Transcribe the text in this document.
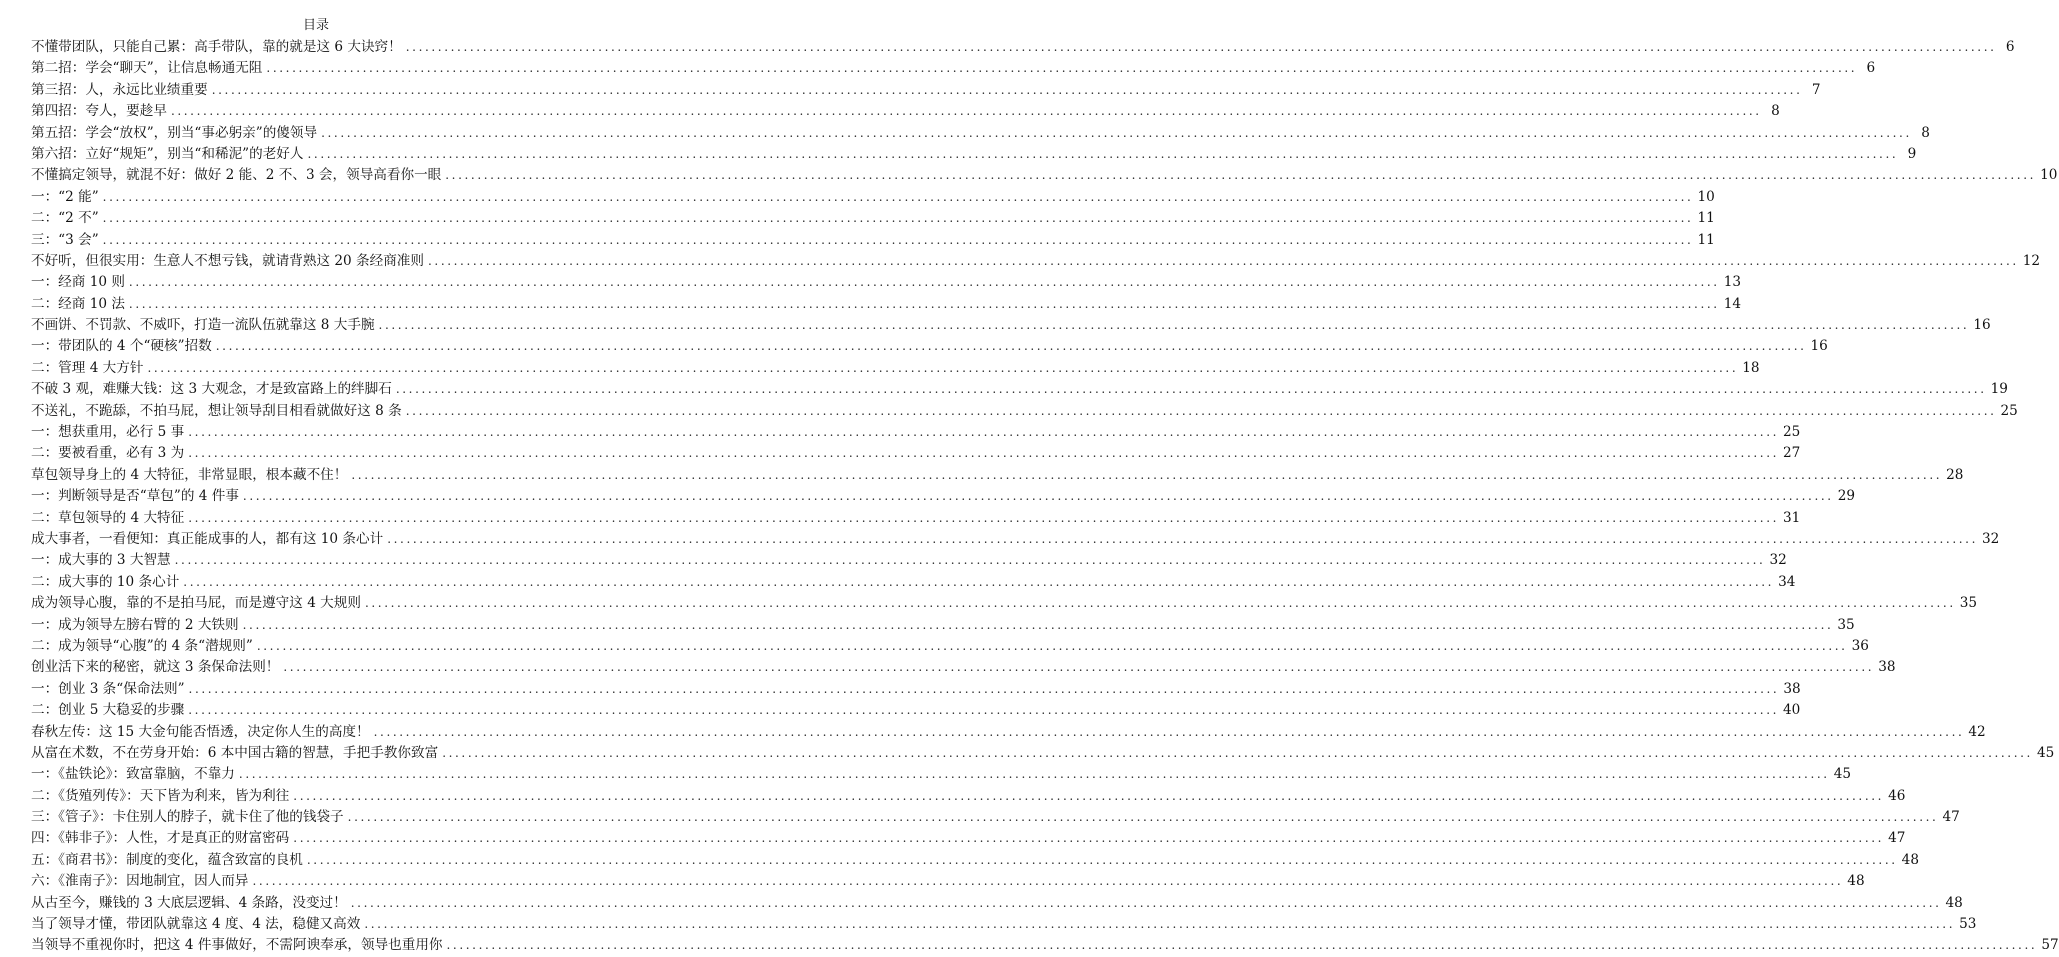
目录
不懂带团队，只能自己累：高手带队，靠的就是这 6 大诀窍！ .....	6
第二招：学会“聊天”，让信息畅通无阻 .....	6
第三招：人，永远比业绩重要 .....	7
第四招：夸人，要趁早 .....	8
第五招：学会“放权”，别当“事必躬亲”的傻领导 .....	8
第六招：立好“规矩”，别当“和稀泥”的老好人 .....	9
不懂搞定领导，就混不好：做好 2 能、2 不、3 会，领导高看你一眼 .....	10
一：“2 能” .....	10
二：“2 不” .....	11
三：“3 会” .....	11
不好听，但很实用：生意人不想亏钱，就请背熟这 20 条经商准则 .....	12
一：经商 10 则 .....	13
二：经商 10 法 .....	14
不画饼、不罚款、不威吓，打造一流队伍就靠这 8 大手腕 .....	16
一：带团队的 4 个“硬核”招数 .....	16
二：管理 4 大方针 .....	18
不破 3 观，难赚大钱：这 3 大观念，才是致富路上的绊脚石 .....	19
不送礼，不跪舔，不拍马屁，想让领导刮目相看就做好这 8 条 .....	25
一：想获重用，必行 5 事 .....	25
二：要被看重，必有 3 为 .....	27
草包领导身上的 4 大特征，非常显眼，根本藏不住！ .....	28
一：判断领导是否“草包”的 4 件事 .....	29
二：草包领导的 4 大特征 .....	31
成大事者，一看便知：真正能成事的人，都有这 10 条心计 .....	32
一：成大事的 3 大智慧 .....	32
二：成大事的 10 条心计 .....	34
成为领导心腹，靠的不是拍马屁，而是遵守这 4 大规则 .....	35
一：成为领导左膀右臂的 2 大铁则 .....	35
二：成为领导“心腹”的 4 条“潜规则” .....	36
创业活下来的秘密，就这 3 条保命法则！ .....	38
一：创业 3 条“保命法则” .....	38
二：创业 5 大稳妥的步骤 .....	40
春秋左传：这 15 大金句能否悟透，决定你人生的高度！ .....	42
从富在术数，不在劳身开始：6 本中国古籍的智慧，手把手教你致富 .....	45
一：《盐铁论》：致富靠脑，不靠力 .....	45
二：《货殖列传》：天下皆为利来，皆为利往 .....	46
三：《管子》：卡住别人的脖子，就卡住了他的钱袋子 .....	47
四：《韩非子》：人性，才是真正的财富密码 .....	47
五：《商君书》：制度的变化，蕴含致富的良机 .....	48
六：《淮南子》：因地制宜，因人而异 .....	48
从古至今，赚钱的 3 大底层逻辑、4 条路，没变过！ .....	48
当了领导才懂，带团队就靠这 4 度、4 法，稳健又高效 .....	53
当领导不重视你时，把这 4 件事做好，不需阿谀奉承，领导也重用你 .....	57
